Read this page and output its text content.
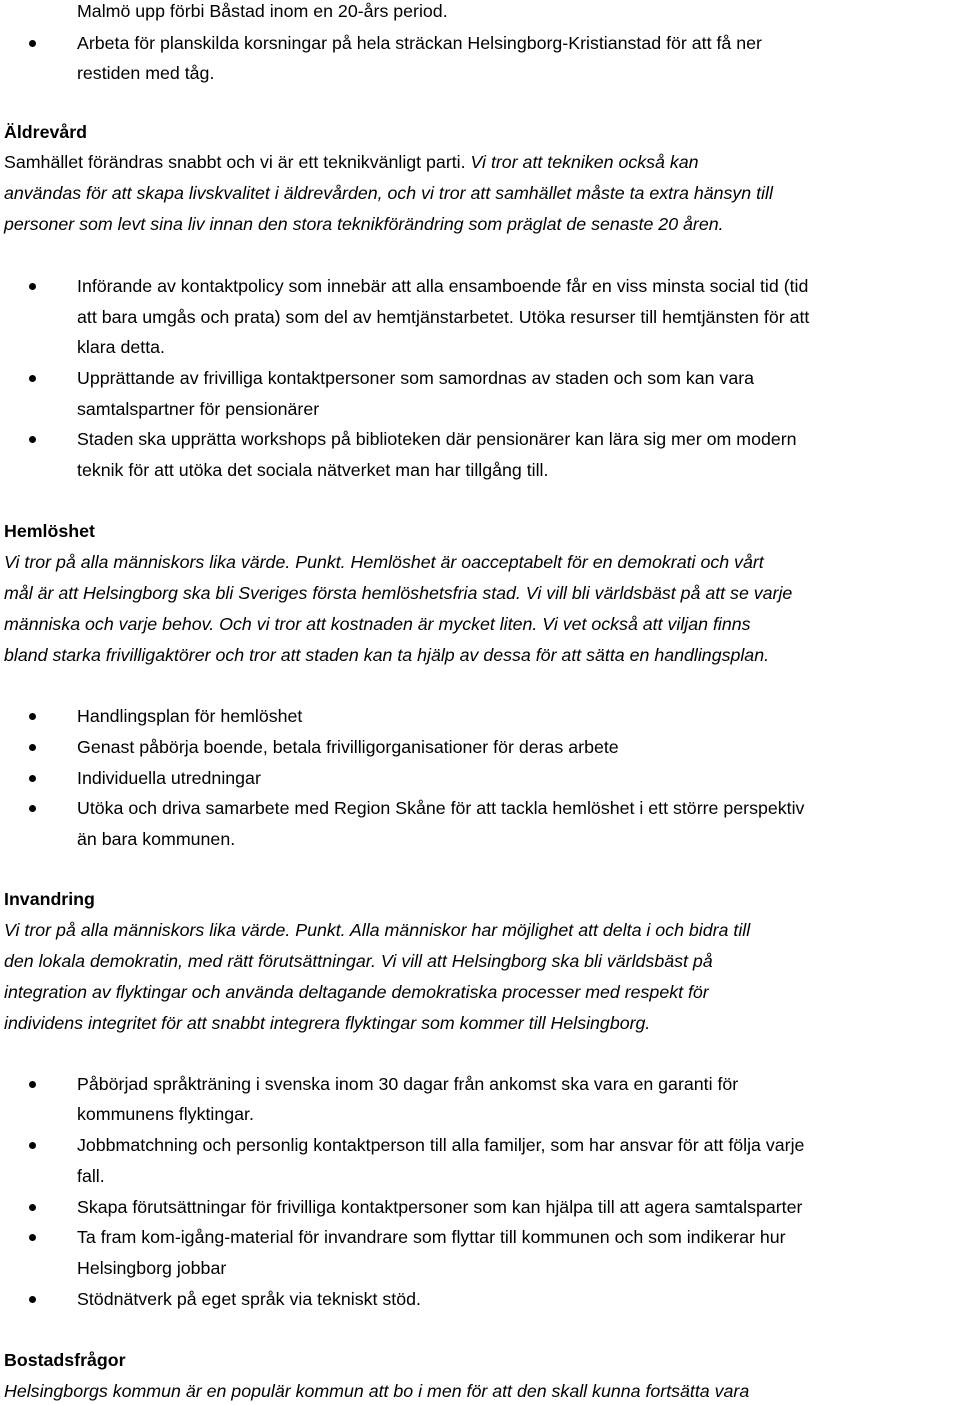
Malmö upp förbi Båstad inom en 20-års period.

Arbeta för planskilda korsningar på hela sträckan Helsingborg-Kristianstad för att få ner

restiden med tåg.

Äldrevård

Samhället förändras snabbt och vi är ett teknikvänligt parti. Vi tror att tekniken också kan

användas för att skapa livskvalitet i äldrevården, och vi tror att samhället måste ta extra hänsyn till

personer som levt sina liv innan den stora teknikförändring som präglat de senaste 20 åren.

Införande av kontaktpolicy som innebär att alla ensamboende får en viss minsta social tid (tid

att bara umgås och prata) som del av hemtjänstarbetet. Utöka resurser till hemtjänsten för att

klara detta.

Upprättande av frivilliga kontaktpersoner som samordnas av staden och som kan vara

samtalspartner för pensionärer

Staden ska upprätta workshops på biblioteken där pensionärer kan lära sig mer om modern

teknik för att utöka det sociala nätverket man har tillgång till.

Hemlöshet

Vi tror på alla människors lika värde. Punkt. Hemlöshet är oacceptabelt för en demokrati och vårt

mål är att Helsingborg ska bli Sveriges första hemlöshetsfria stad. Vi vill bli världsbäst på att se varje

människa och varje behov. Och vi tror att kostnaden är mycket liten. Vi vet också att viljan finns

bland starka frivilligaktörer och tror att staden kan ta hjälp av dessa för att sätta en handlingsplan.

Handlingsplan för hemlöshet

Genast påbörja boende, betala frivilligorganisationer för deras arbete

Individuella utredningar

Utöka och driva samarbete med Region Skåne för att tackla hemlöshet i ett större perspektiv

än bara kommunen.

Invandring

Vi tror på alla människors lika värde. Punkt. Alla människor har möjlighet att delta i och bidra till

den lokala demokratin, med rätt förutsättningar. Vi vill att Helsingborg ska bli världsbäst på

integration av flyktingar och använda deltagande demokratiska processer med respekt för

individens integritet för att snabbt integrera flyktingar som kommer till Helsingborg.

Påbörjad språkträning i svenska inom 30 dagar från ankomst ska vara en garanti för

kommunens flyktingar.

Jobbmatchning och personlig kontaktperson till alla familjer, som har ansvar för att följa varje

fall.

Skapa förutsättningar för frivilliga kontaktpersoner som kan hjälpa till att agera samtalsparter

Ta fram kom-igång-material för invandrare som flyttar till kommunen och som indikerar hur

Helsingborg jobbar

Stödnätverk på eget språk via tekniskt stöd.

Bostadsfrågor

Helsingborgs kommun är en populär kommun att bo i men för att den skall kunna fortsätta vara
